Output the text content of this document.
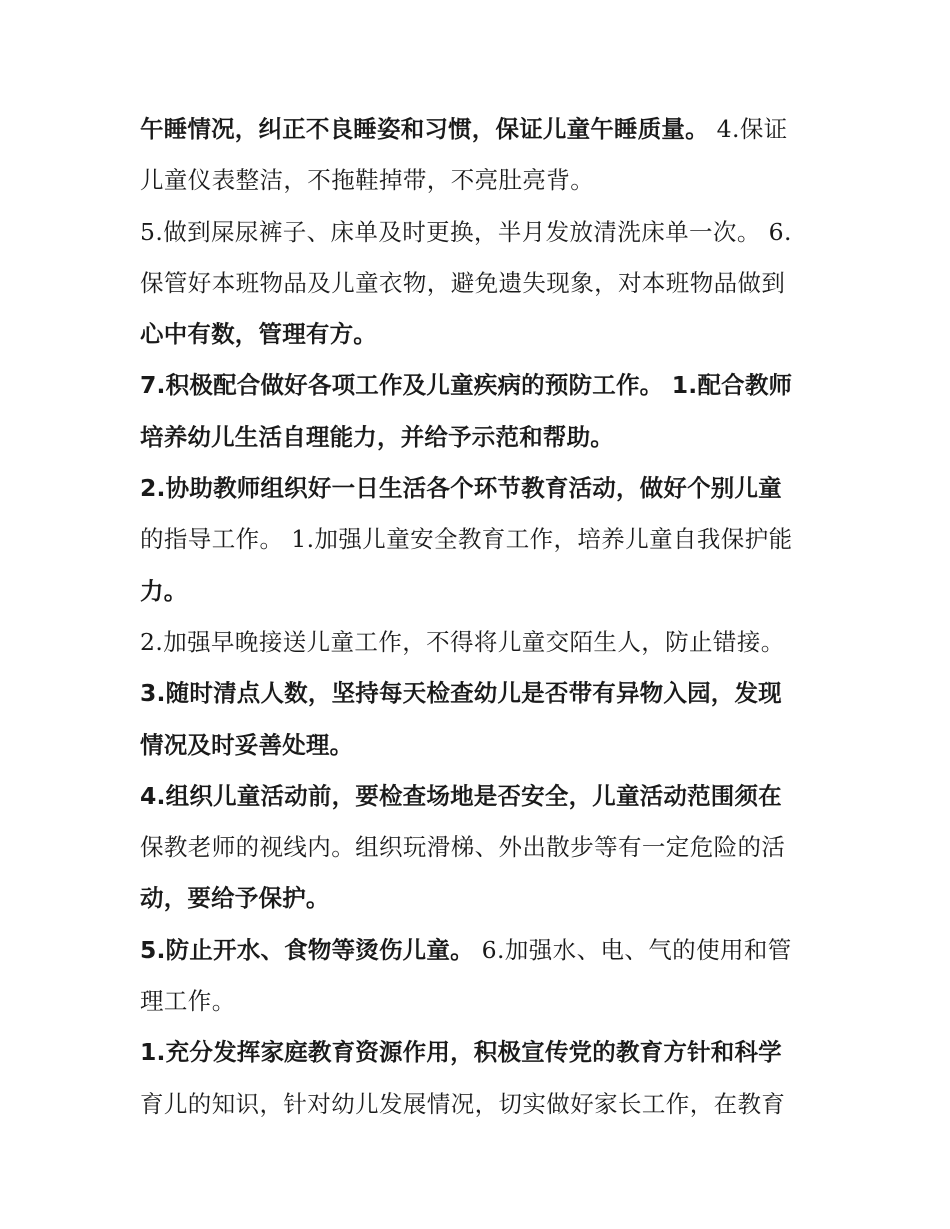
午睡情况，纠正不良睡姿和习惯，保证儿童午睡质量。 4.保证
儿童仪表整洁，不拖鞋掉带，不亮肚亮背。
5.做到屎尿裤子、床单及时更换，半月发放清洗床单一次。 6.
保管好本班物品及儿童衣物，避免遗失现象，对本班物品做到
心中有数，管理有方。
7.积极配合做好各项工作及儿童疾病的预防工作。 1.配合教师
培养幼儿生活自理能力，并给予示范和帮助。
2.协助教师组织好一日生活各个环节教育活动，做好个别儿童
的指导工作。 1.加强儿童安全教育工作，培养儿童自我保护能
力。
2.加强早晚接送儿童工作，不得将儿童交陌生人，防止错接。
3.随时清点人数，坚持每天检查幼儿是否带有异物入园，发现
情况及时妥善处理。
4.组织儿童活动前，要检查场地是否安全，儿童活动范围须在
保教老师的视线内。组织玩滑梯、外出散步等有一定危险的活
动，要给予保护。
5.防止开水、食物等烫伤儿童。 6.加强水、电、气的使用和管
理工作。
1.充分发挥家庭教育资源作用，积极宣传党的教育方针和科学
育儿的知识，针对幼儿发展情况，切实做好家长工作，在教育
